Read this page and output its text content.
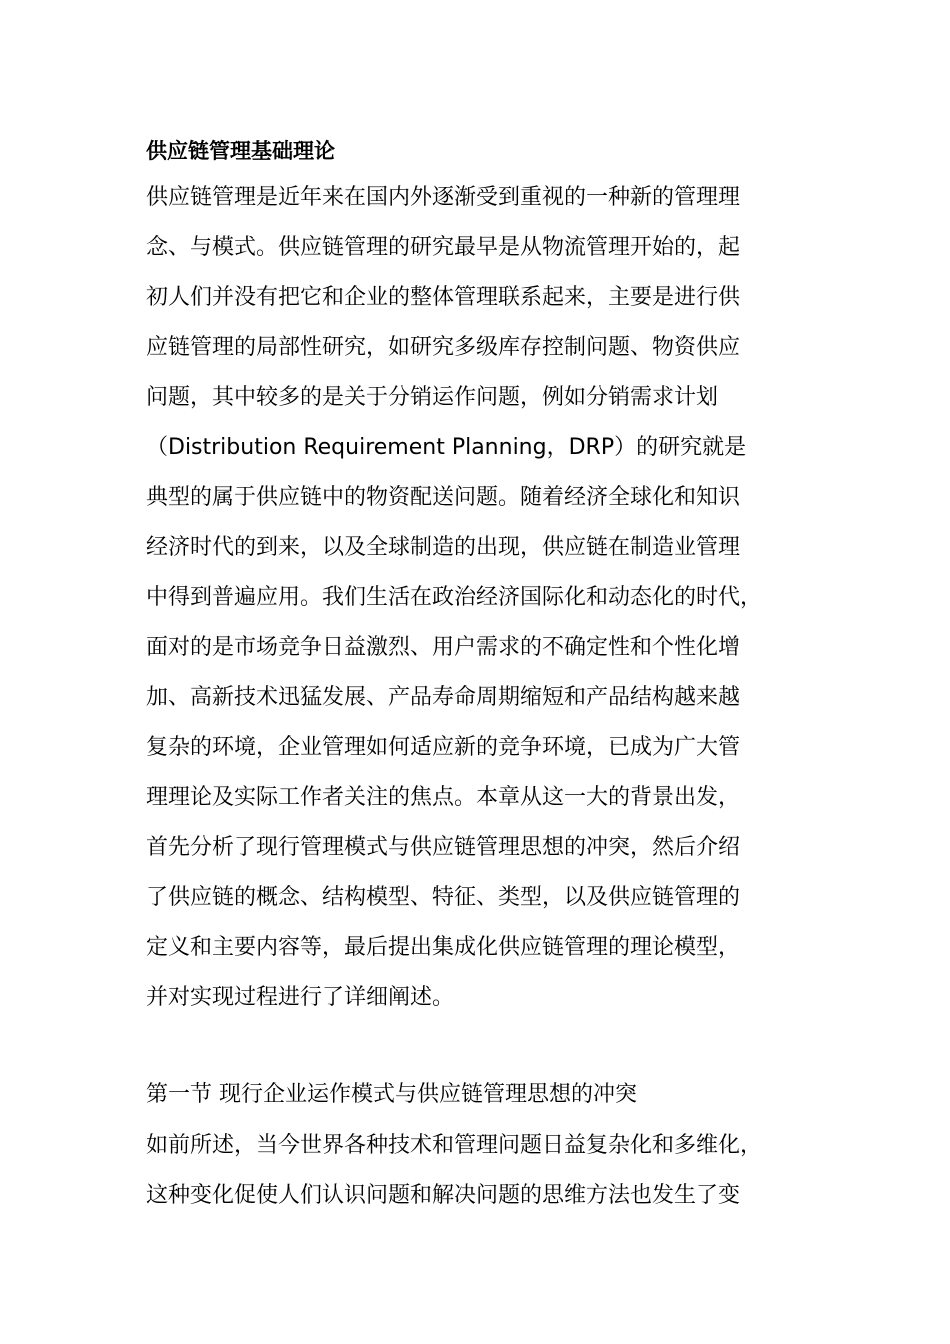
供应链管理基础理论
供应链管理是近年来在国内外逐渐受到重视的一种新的管理理
念、与模式。供应链管理的研究最早是从物流管理开始的，起
初人们并没有把它和企业的整体管理联系起来，主要是进行供
应链管理的局部性研究，如研究多级库存控制问题、物资供应
问题，其中较多的是关于分销运作问题，例如分销需求计划
（Distribution Requirement Planning，DRP）的研究就是
典型的属于供应链中的物资配送问题。随着经济全球化和知识
经济时代的到来，以及全球制造的出现，供应链在制造业管理
中得到普遍应用。我们生活在政治经济国际化和动态化的时代，
面对的是市场竞争日益激烈、用户需求的不确定性和个性化增
加、高新技术迅猛发展、产品寿命周期缩短和产品结构越来越
复杂的环境，企业管理如何适应新的竞争环境，已成为广大管
理理论及实际工作者关注的焦点。本章从这一大的背景出发，
首先分析了现行管理模式与供应链管理思想的冲突，然后介绍
了供应链的概念、结构模型、特征、类型，以及供应链管理的
定义和主要内容等，最后提出集成化供应链管理的理论模型，
并对实现过程进行了详细阐述。
第一节 现行企业运作模式与供应链管理思想的冲突
如前所述，当今世界各种技术和管理问题日益复杂化和多维化，
这种变化促使人们认识问题和解决问题的思维方法也发生了变
